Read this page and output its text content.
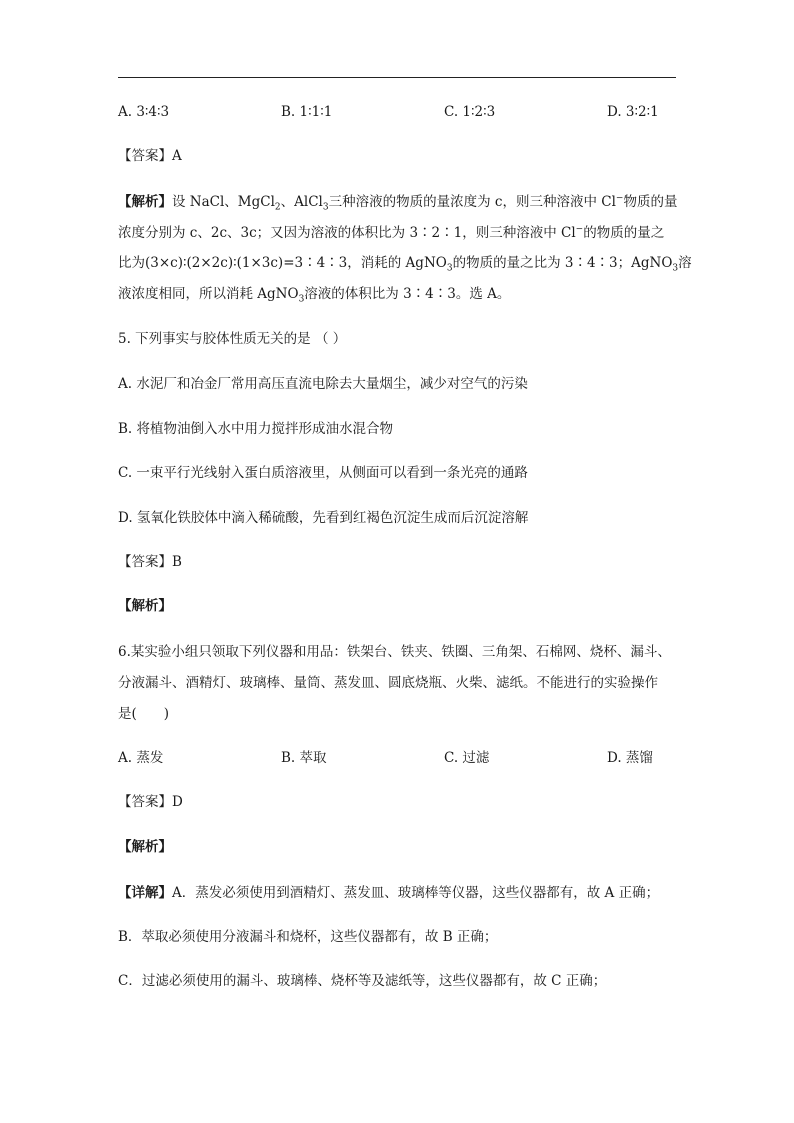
A. 3∶4∶3	B. 1∶1∶1	C. 1∶2∶3	D. 3∶2∶1
【答案】A
【解析】设 NaCl、MgCl$_2$、AlCl$_3$三种溶液的物质的量浓度为 c，则三种溶液中 Cl−物质的量
浓度分别为 c、2c、3c；又因为溶液的体积比为 3∶2∶1，则三种溶液中 Cl−的物质的量之
比为(3×c)∶(2×2c)∶(1×3c)=3∶4∶3，消耗的 AgNO$_3$的物质的量之比为 3∶4∶3；AgNO$_3$溶
液浓度相同，所以消耗 AgNO$_3$溶液的体积比为 3∶4∶3。选 A。
5. 下列事实与胶体性质无关的是 （ ）
A. 水泥厂和冶金厂常用高压直流电除去大量烟尘，减少对空气的污染
B. 将植物油倒入水中用力搅拌形成油水混合物
C. 一束平行光线射入蛋白质溶液里，从侧面可以看到一条光亮的通路
D. 氢氧化铁胶体中滴入稀硫酸，先看到红褐色沉淀生成而后沉淀溶解
【答案】B
【解析】
6.某实验小组只领取下列仪器和用品：铁架台、铁夹、铁圈、三角架、石棉网、烧杯、漏斗、
分液漏斗、酒精灯、玻璃棒、量筒、蒸发皿、圆底烧瓶、火柴、滤纸。不能进行的实验操作
是(　　)
A. 蒸发	B. 萃取	C. 过滤	D. 蒸馏
【答案】D
【解析】
【详解】A．蒸发必须使用到酒精灯、蒸发皿、玻璃棒等仪器，这些仪器都有，故 A 正确；
B．萃取必须使用分液漏斗和烧杯，这些仪器都有，故 B 正确；
C．过滤必须使用的漏斗、玻璃棒、烧杯等及滤纸等，这些仪器都有，故 C 正确；
